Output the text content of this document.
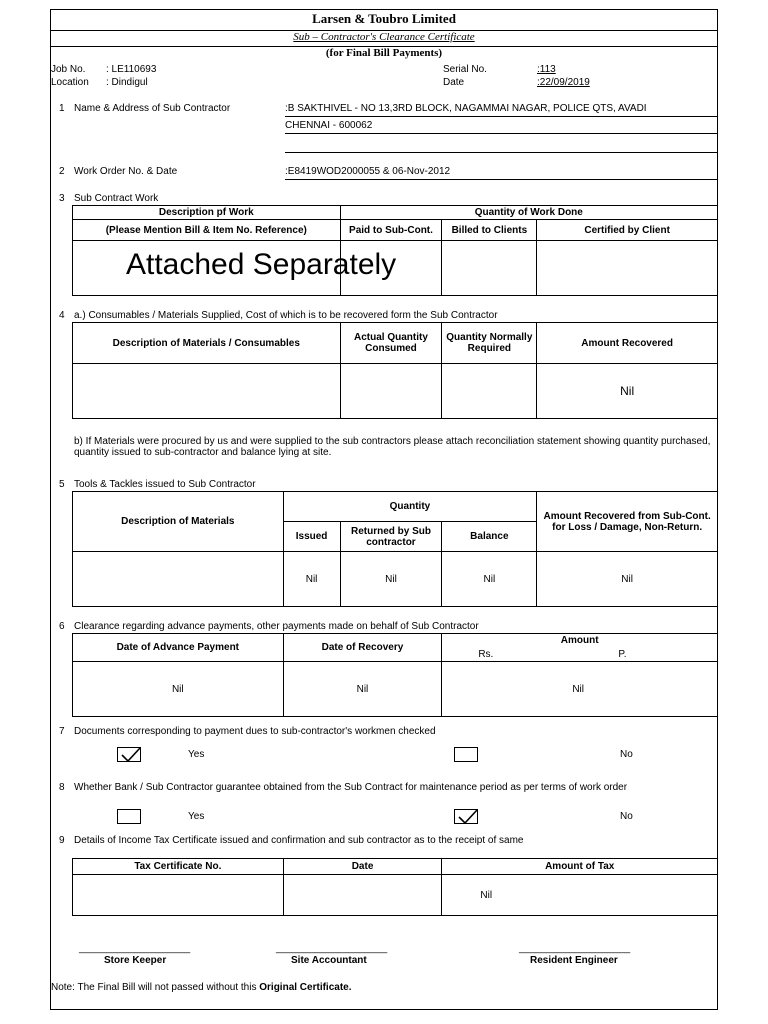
Larsen & Toubro Limited
Sub – Contractor's Clearance Certificate
(for Final Bill Payments)
Job No. : LE110693
Location : Dindigul
Serial No.	:113
Date	:22/09/2019
1 Name & Address of Sub Contractor	:B SAKTHIVEL - NO 13,3RD BLOCK, NAGAMMAI NAGAR, POLICE QTS, AVADI
CHENNAI - 600062
2 Work Order No. & Date	:E8419WOD2000055 & 06-Nov-2012
3 Sub Contract Work
Description pf Work	Quantity of Work Done		
(Please Mention Bill & Item No. Reference)	Paid to Sub-Cont.	Billed to Clients	Certified by Client

Attached Separately
4 a.) Consumables / Materials Supplied, Cost of which is to be recovered form the Sub Contractor
Description of Materials / Consumables	Actual Quantity Consumed	Quantity Normally Required	Amount Recovered
			Nil
b) If Materials were procured by us and were supplied to the sub contractors please attach reconciliation statement showing quantity purchased, quantity issued to sub-contractor and balance lying at site.
5 Tools & Tackles issued to Sub Contractor
Description of Materials	Quantity			Amount Recovered from Sub-Cont. for Loss / Damage, Non-Return.
	Issued	Returned by Sub contractor	Balance	
	Nil	Nil	Nil	Nil
6 Clearance regarding advance payments, other payments made on behalf of Sub Contractor
Date of Advance Payment	Date of Recovery	Amount
Rs. P.

Nil	Nil	Nil
7 Documents corresponding to payment dues to sub-contractor's workmen checked
Yes	No
8 Whether Bank / Sub Contractor guarantee obtained from the Sub Contract for maintenance period as per terms of work order
Yes	No
9 Details of Income Tax Certificate issued and confirmation and sub contractor as to the receipt of same
Tax Certificate No.	Date	Amount of Tax
		Nil
____________________
Store Keeper
____________________
Site Accountant
____________________
Resident Engineer
Note: The Final Bill will not passed without this Original Certificate.
